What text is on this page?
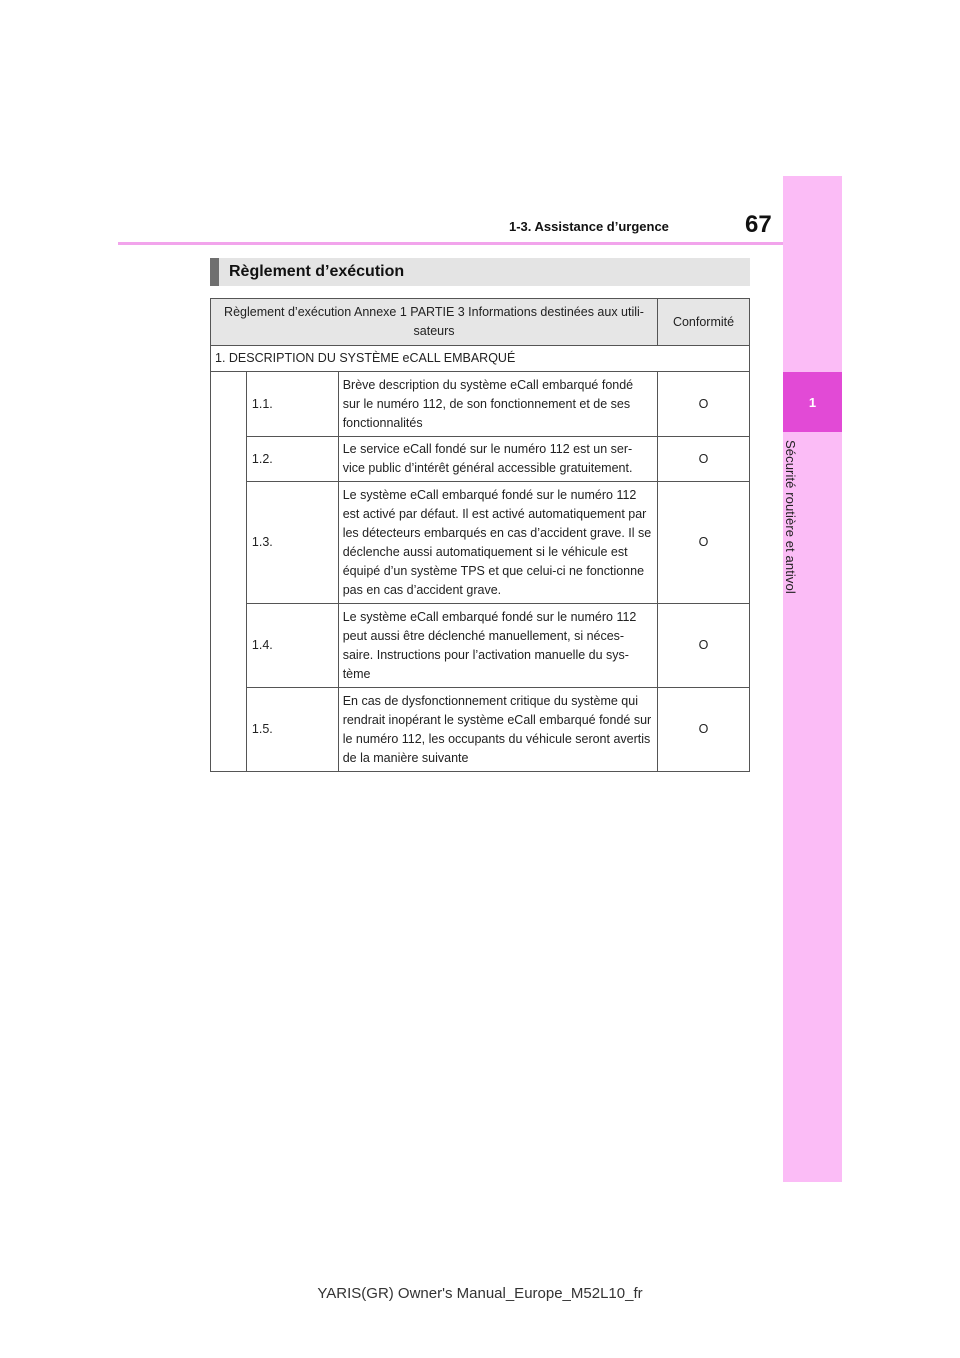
1
Sécurité routière et antivol
1-3. Assistance d’urgence	67
Règlement d’exécution
Règlement d’exécution Annexe 1 PARTIE 3 Informations destinées aux utili-sateurs			Conformité
1. DESCRIPTION DU SYSTÈME eCALL EMBARQUÉ			
	1.1.	Brève description du système eCall embarqué fondé sur le numéro 112, de son fonctionnement et de ses fonctionnalités	O
	1.2.	Le service eCall fondé sur le numéro 112 est un ser-vice public d’intérêt général accessible gratuitement.	O
	1.3.	Le système eCall embarqué fondé sur le numéro 112 est activé par défaut. Il est activé automatiquement par les détecteurs embarqués en cas d’accident grave. Il se déclenche aussi automatiquement si le véhicule est équipé d’un système TPS et que celui-ci ne fonctionne pas en cas d’accident grave.	O
	1.4.	Le système eCall embarqué fondé sur le numéro 112 peut aussi être déclenché manuellement, si néces-saire. Instructions pour l’activation manuelle du sys-tème	O
	1.5.	En cas de dysfonctionnement critique du système qui rendrait inopérant le système eCall embarqué fondé sur le numéro 112, les occupants du véhicule seront avertis de la manière suivante	O
YARIS(GR) Owner's Manual_Europe_M52L10_fr
